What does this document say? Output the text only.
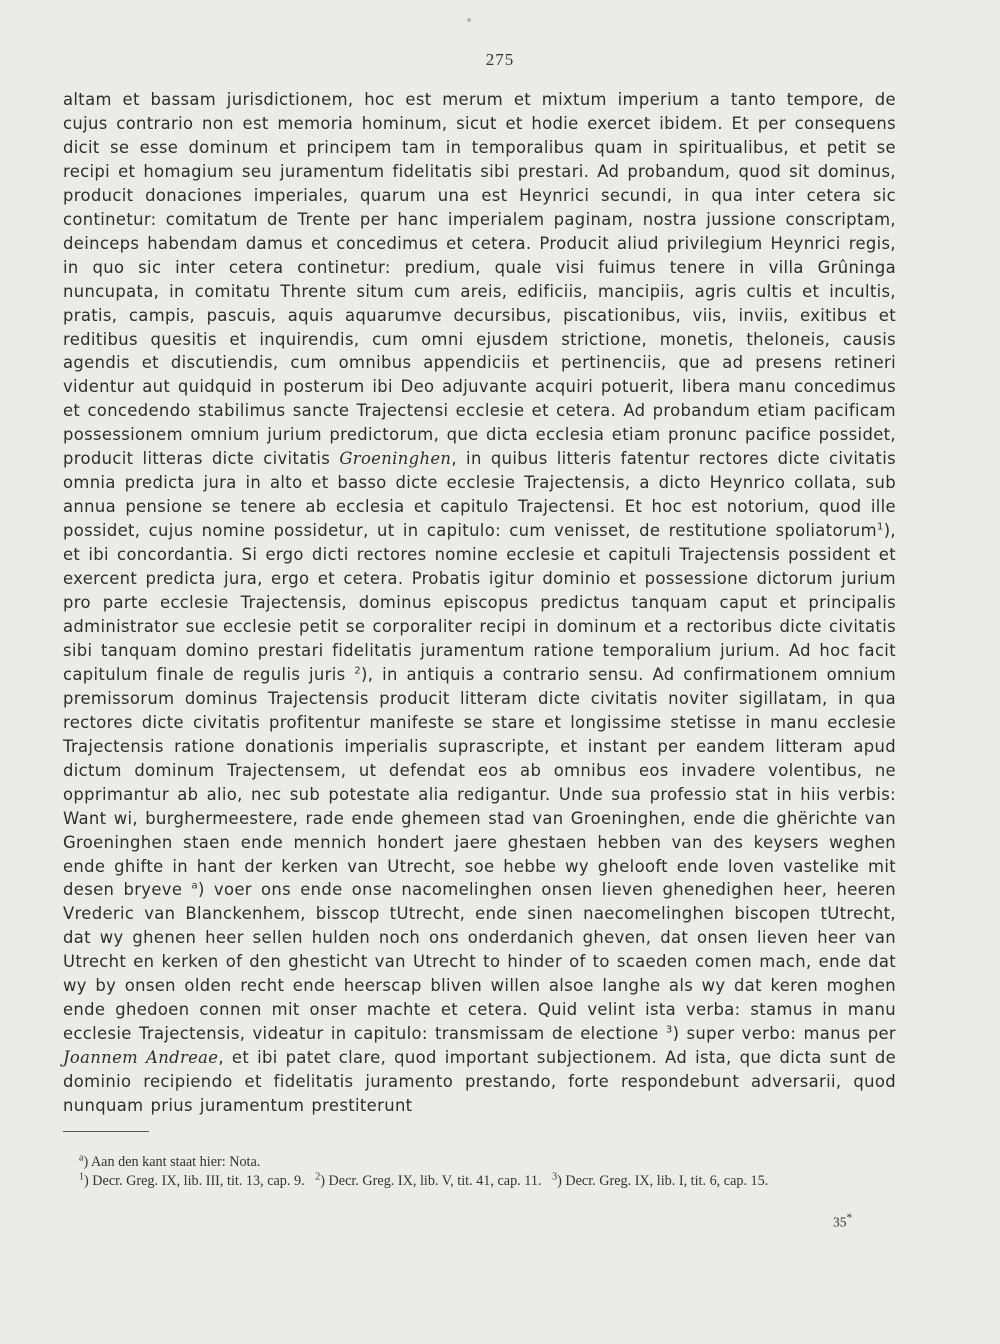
275

altam et bassam jurisdictionem, hoc est merum et mixtum imperium a tanto tempore, de cujus contrario non est memoria hominum, sicut et hodie exercet ibidem. Et per consequens dicit se esse dominum et principem tam in temporalibus quam in spiritualibus, et petit se recipi et homagium seu juramentum fidelitatis sibi prestari. Ad probandum, quod sit dominus, producit donaciones imperiales, quarum una est Heynrici secundi, in qua inter cetera sic continetur: comitatum de Trente per hanc imperialem paginam, nostra jussione conscriptam, deinceps habendam damus et concedimus et cetera. Producit aliud privilegium Heynrici regis, in quo sic inter cetera continetur: predium, quale visi fuimus tenere in villa Grûninga nuncupata, in comitatu Thrente situm cum areis, edificiis, mancipiis, agris cultis et incultis, pratis, campis, pascuis, aquis aquarumve decursibus, piscationibus, viis, inviis, exitibus et reditibus quesitis et inquirendis, cum omni ejusdem strictione, monetis, theloneis, causis agendis et discutiendis, cum omnibus appendiciis et pertinenciis, que ad presens retineri videntur aut quidquid in posterum ibi Deo adjuvante acquiri potuerit, libera manu concedimus et concedendo stabilimus sancte Trajectensi ecclesie et cetera. Ad probandum etiam pacificam possessionem omnium jurium predictorum, que dicta ecclesia etiam pronunc pacifice possidet, producit litteras dicte civitatis Groeninghen, in quibus litteris fatentur rectores dicte civitatis omnia predicta jura in alto et basso dicte ecclesie Trajectensis, a dicto Heynrico collata, sub annua pensione se tenere ab ecclesia et capitulo Trajectensi. Et hoc est notorium, quod ille possidet, cujus nomine possidetur, ut in capitulo: cum venisset, de restitutione spoliatorum$^1$), et ibi concordantia. Si ergo dicti rectores nomine ecclesie et capituli Trajectensis possident et exercent predicta jura, ergo et cetera. Probatis igitur dominio et possessione dictorum jurium pro parte ecclesie Trajectensis, dominus episcopus predictus tanquam caput et principalis administrator sue ecclesie petit se corporaliter recipi in dominum et a rectoribus dicte civitatis sibi tanquam domino prestari fidelitatis juramentum ratione temporalium jurium. Ad hoc facit capitulum finale de regulis juris $^2$), in antiquis a contrario sensu. Ad confirmationem omnium premissorum dominus Trajectensis producit litteram dicte civitatis noviter sigillatam, in qua rectores dicte civitatis profitentur manifeste se stare et longissime stetisse in manu ecclesie Trajectensis ratione donationis imperialis suprascripte, et instant per eandem litteram apud dictum dominum Trajectensem, ut defendat eos ab omnibus eos invadere volentibus, ne opprimantur ab alio, nec sub potestate alia redigantur. Unde sua professio stat in hiis verbis: Want wi, burghermeestere, rade ende ghemeen stad van Groeninghen, ende die ghërichte van Groeninghen staen ende mennich hondert jaere ghestaen hebben van des keysers weghen ende ghifte in hant der kerken van Utrecht, soe hebbe wy ghelooft ende loven vastelike mit desen bryeve $^a$) voer ons ende onse nacomelinghen onsen lieven ghenedighen heer, heeren Vrederic van Blanckenhem, bisscop tUtrecht, ende sinen naecomelinghen biscopen tUtrecht, dat wy ghenen heer sellen hulden noch ons onderdanich gheven, dat onsen lieven heer van Utrecht en kerken of den ghesticht van Utrecht to hinder of to scaeden comen mach, ende dat wy by onsen olden recht ende heerscap bliven willen alsoe langhe als wy dat keren moghen ende ghedoen connen mit onser machte et cetera. Quid velint ista verba: stamus in manu ecclesie Trajectensis, videatur in capitulo: transmissam de electione $^3$) super verbo: manus per Joannem Andreae, et ibi patet clare, quod important subjectionem. Ad ista, que dicta sunt de dominio recipiendo et fidelitatis juramento prestando, forte respondebunt adversarii, quod nunquam prius juramentum prestiterunt

$^a$) Aan den kant staat hier: Nota.

$^1$) Decr. Greg. IX, lib. III, tit. 13, cap. 9. $^2$) Decr. Greg. IX, lib. V, tit. 41, cap. 11. $^3$) Decr. Greg. IX, lib. I, tit. 6, cap. 15.

35*
